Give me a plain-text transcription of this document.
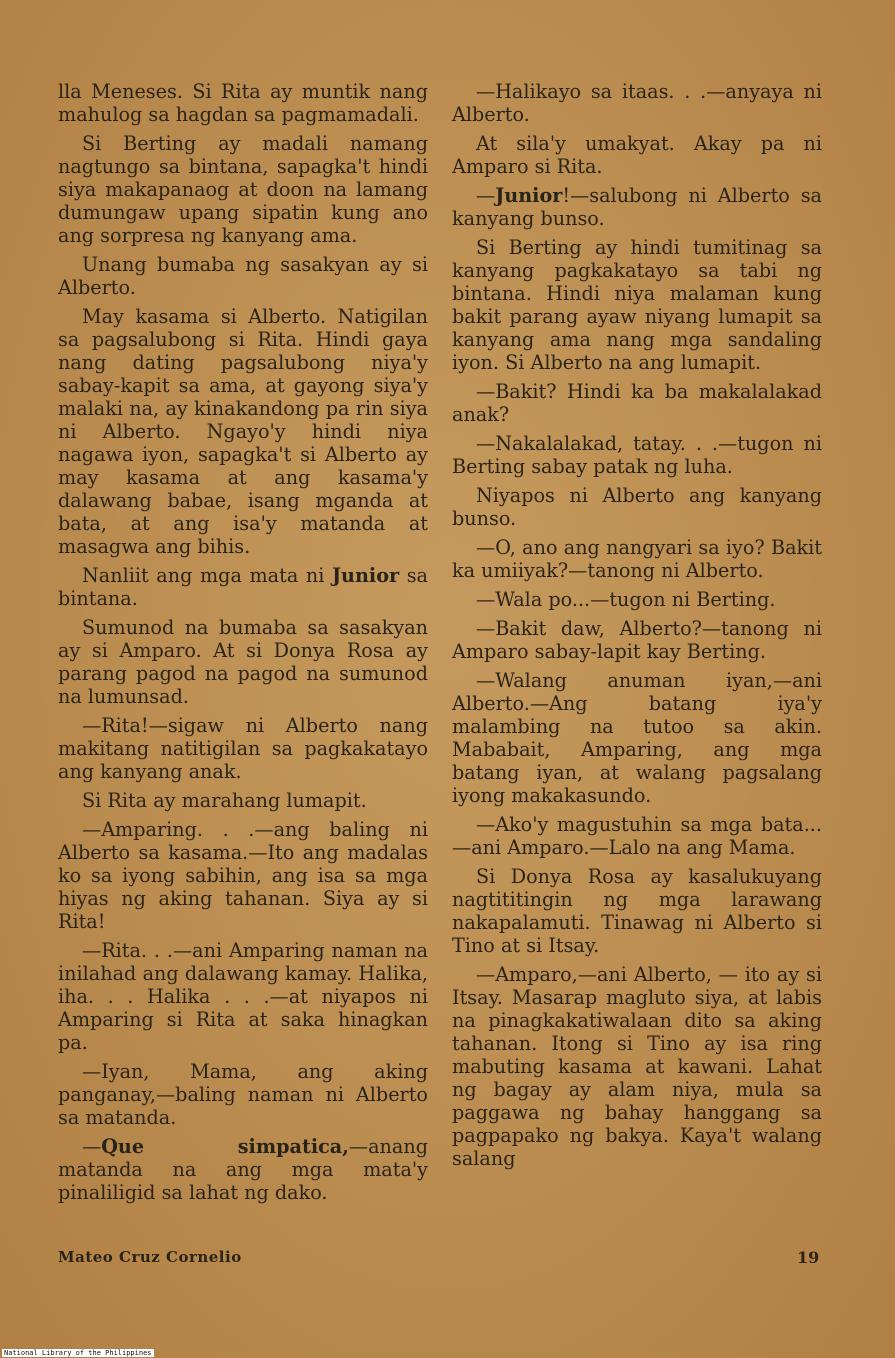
lla Meneses. Si Rita ay muntik nang mahulog sa hagdan sa pagmamadali.

Si Berting ay madali namang nagtungo sa bintana, sapagka't hindi siya makapanaog at doon na lamang dumungaw upang sipatin kung ano ang sorpresa ng kanyang ama.

Unang bumaba ng sasakyan ay si Alberto.

May kasama si Alberto. Natigilan sa pagsalubong si Rita. Hindi gaya nang dating pagsalubong niya'y sabay-kapit sa ama, at gayong siya'y malaki na, ay kinakandong pa rin siya ni Alberto. Ngayo'y hindi niya nagawa iyon, sapagka't si Alberto ay may kasama at ang kasama'y dalawang babae, isang mganda at bata, at ang isa'y matanda at masagwa ang bihis.

Nanliit ang mga mata ni Junior sa bintana.

Sumunod na bumaba sa sasakyan ay si Amparo. At si Donya Rosa ay parang pagod na pagod na sumunod na lumunsad.

—Rita!—sigaw ni Alberto nang makitang natitigilan sa pagkakatayo ang kanyang anak.

Si Rita ay marahang lumapit.

—Amparing. . .—ang baling ni Alberto sa kasama.—Ito ang madalas ko sa iyong sabihin, ang isa sa mga hiyas ng aking tahanan. Siya ay si Rita!

—Rita. . .—ani Amparing naman na inilahad ang dalawang kamay. Halika, iha. . . Halika . . .—at niyapos ni Amparing si Rita at saka hinagkan pa.

—Iyan, Mama, ang aking panganay,—baling naman ni Alberto sa matanda.

—Que simpatica,—anang matanda na ang mga mata'y pinaliligid sa lahat ng dako.

—Halikayo sa itaas. . .—anyaya ni Alberto.

At sila'y umakyat. Akay pa ni Amparo si Rita.

—Junior!—salubong ni Alberto sa kanyang bunso.

Si Berting ay hindi tumitinag sa kanyang pagkakatayo sa tabi ng bintana. Hindi niya malaman kung bakit parang ayaw niyang lumapit sa kanyang ama nang mga sandaling iyon. Si Alberto na ang lumapit.

—Bakit? Hindi ka ba makalalakad anak?

—Nakalalakad, tatay. . .—tugon ni Berting sabay patak ng luha.

Niyapos ni Alberto ang kanyang bunso.

—O, ano ang nangyari sa iyo? Bakit ka umiiyak?—tanong ni Alberto.

—Wala po...—tugon ni Berting.

—Bakit daw, Alberto?—tanong ni Amparo sabay-lapit kay Berting.

—Walang anuman iyan,—ani Alberto.—Ang batang iya'y malambing na tutoo sa akin. Mababait, Amparing, ang mga batang iyan, at walang pagsalang iyong makakasundo.

—Ako'y magustuhin sa mga bata...—ani Amparo.—Lalo na ang Mama.

Si Donya Rosa ay kasalukuyang nagtititingin ng mga larawang nakapalamuti. Tinawag ni Alberto si Tino at si Itsay.

—Amparo,—ani Alberto, — ito ay si Itsay. Masarap magluto siya, at labis na pinagkakatiwalaan dito sa aking tahanan. Itong si Tino ay isa ring mabuting kasama at kawani. Lahat ng bagay ay alam niya, mula sa paggawa ng bahay hanggang sa pagpapako ng bakya. Kaya't walang salang

Mateo Cruz Cornelio	19
National Library of the Philippines
